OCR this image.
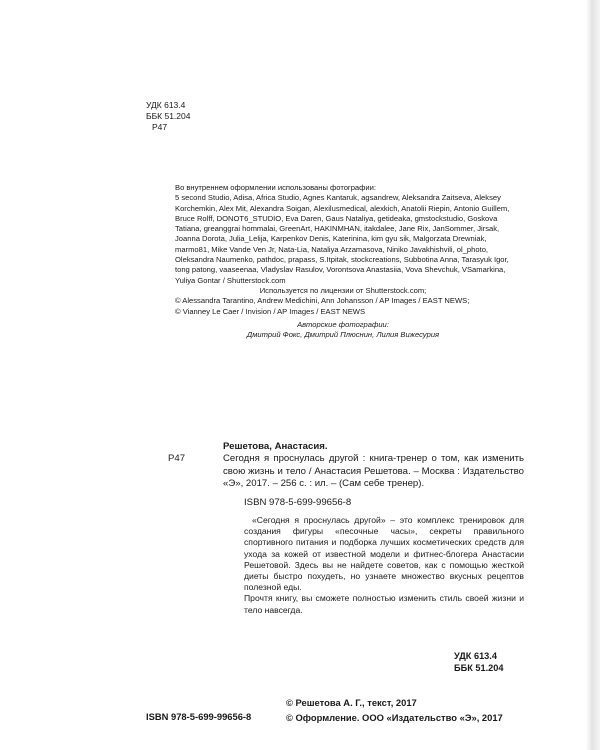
УДК 613.4
ББК 51.204
Р47

Во внутреннем оформлении использованы фотографии:

5 second Studio, Adisa, Africa Studio, Agnes Kantaruk, agsandrew, Aleksandra Zaitseva, Aleksey Korchemkin, Alex Mit, Alexandra Soigan, Alexilusmedical, alexkich, Anatolii Riepin, Antonio Guillem, Bruce Rolff, DONOT6_STUDIO, Eva Daren, Gaus Nataliya, getideaka, gmstockstudio, Goskova Tatiana, greanggrai hommalai, GreenArt, HAKINMHAN, itakdalee, Jane Rix, JanSommer, Jirsak, Joanna Dorota, Julia_Lelija, Karpenkov Denis, Katerinina, kim gyu sik, Malgorzata Drewniak, marmo81, Mike Vande Ven Jr, Nata-Lia, Nataliya Arzamasova, Niniko Javakhishvili, ol_photo, Oleksandra Naumenko, pathdoc, prapass, S.Itpitak, stockcreations, Subbotina Anna, Tarasyuk Igor, tong patong, vaaseenaa, Vladyslav Rasulov, Vorontsova Anastasiia, Vova Shevchuk, VSamarkina, Yuliya Gontar / Shutterstock.com

Используется по лицензии от Shutterstock.com;

© Alessandra Tarantino, Andrew Medichini, Ann Johansson / AP Images / EAST NEWS;

© Vianney Le Caer / Invision / AP Images / EAST NEWS

Авторские фотографии:

Дмитрий Фокс, Дмитрий Плюснин, Лилия Вижесурия

Решетова, Анастасия.
Р47	Сегодня я проснулась другой : книга-тренер о том, как изменить свою жизнь и тело / Анастасия Решетова. – Москва : Издательство «Э», 2017. – 256 с. : ил. – (Сам себе тренер).
ISBN 978-5-699-99656-8
«Сегодня я проснулась другой» – это комплекс тренировок для создания фигуры «песочные часы», секреты правильного спортивного питания и подборка лучших косметических средств для ухода за кожей от известной модели и фитнес-блогера Анастасии Решетовой. Здесь вы не найдете советов, как с помощью жесткой диеты быстро похудеть, но узнаете множество вкусных рецептов полезной еды.
Прочтя книгу, вы сможете полностью изменить стиль своей жизни и тело навсегда.
УДК 613.4
ББК 51.204
© Решетова А. Г., текст, 2017
© Оформление. ООО «Издательство «Э», 2017
ISBN 978-5-699-99656-8
